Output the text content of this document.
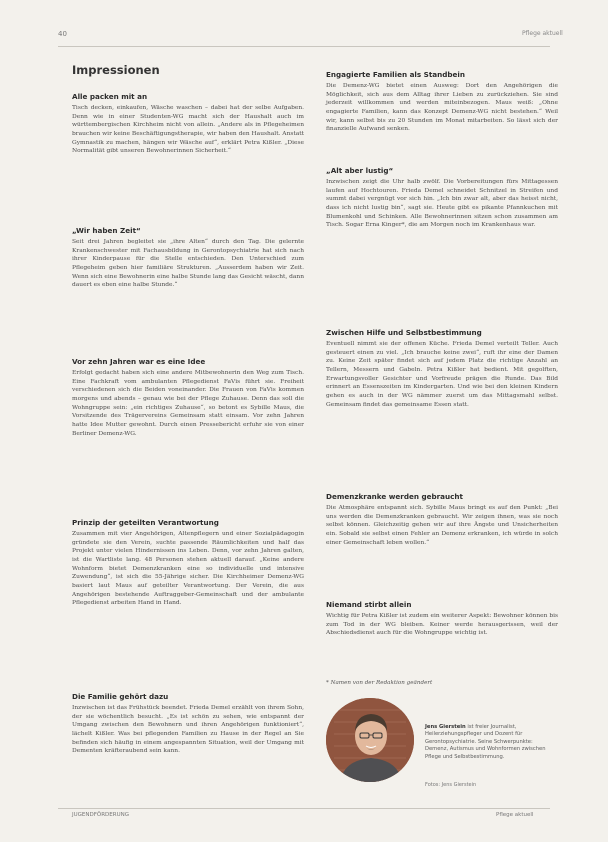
40	Pflege aktuell
Impressionen
Alle packen mit an

Tisch decken, einkaufen, Wäsche waschen – dabei hat der selbe Aufgaben. Denn wie in einer Studenten-WG macht sich der Haushalt auch im württembergischen Kirchheim nicht von allein. „Andere als in Pflegeheimen brauchen wir keine Beschäftigungstherapie, wir haben den Haushalt. Anstatt Gymnastik zu machen, hängen wir Wäsche auf“, erklärt Petra Kißler. „Diese Normalität gibt unseren Bewohnerinnen Sicherheit.“

„Wir haben Zeit“

Seit drei Jahren begleitet sie „ihre Alten“ durch den Tag. Die gelernte Krankenschwester mit Fachausbildung in Gerontopsychiatrie hat sich nach ihrer Kinderpause für die Stelle entschieden. Den Unterschied zum Pflegeheim geben hier familiäre Strukturen. „Ausserdem haben wir Zeit. Wenn sich eine Bewohnerin eine halbe Stunde lang das Gesicht wäscht, dann dauert es eben eine halbe Stunde.“

Vor zehn Jahren war es eine Idee

Erfolgt gedacht haben sich eine andere Mitbewohnerin den Weg zum Tisch. Eine Fachkraft vom ambulanten Pflegedienst FaVis führt sie. Freiheit verschiedenen sich die Beiden voneinander. Die Frauen von FaVis kommen morgens und abends – genau wie bei der Pflege Zuhause. Denn das soll die Wohngruppe sein: „ein richtiges Zuhause“, so betont es Sybille Maus, die Vorsitzende des Trägervereins Gemeinsam statt einsam. Vor zehn Jahren hatte Idee Mutter gewohnt. Durch einen Pressebericht erfuhr sie von einer Berliner Demenz-WG.

Prinzip der geteilten Verantwortung

Zusammen mit vier Angehörigen, Altenpflegern und einer Sozialpädagogin gründete sie den Verein, suchte passende Räumlichkeiten und half das Projekt unter vielen Hindernissen ins Leben. Denn, vor zehn Jahren galten, ist die Wartliste lang. 48 Personen stehen aktuell darauf. „Keine andere Wohnform bietet Demenzkranken eine so individuelle und intensive Zuwendung“, ist sich die 55-Jährige sicher. Die Kirchheimer Demenz-WG basiert laut Maus auf geteilter Verantwortung. Der Verein, die aus Angehörigen bestehende Auftraggeber-Gemeinschaft und der ambulante Pflegedienst arbeiten Hand in Hand.

Die Familie gehört dazu

Inzwischen ist das Frühstück beendet. Frieda Demel erzählt von ihrem Sohn, der sie wöchentlich besucht. „Es ist schön zu sehen, wie entspannt der Umgang zwischen den Bewohnern und ihren Angehörigen funktioniert“, lächelt Kißler. Was bei pflegenden Familien zu Hause in der Regel an Sie befinden sich häufig in einem angespannten Situation, weil der Umgang mit Dementen kräfteraubend sein kann.

Engagierte Familien als Standbein

Die Demenz-WG bietet einen Ausweg: Dort den Angehörigen die Möglichkeit, sich aus dem Alltag ihrer Lieben zu zurückziehen. Sie sind jederzeit willkommen und werden miteinbezogen. Maus weiß: „Ohne engagierte Familien, kann das Konzept Demenz-WG nicht bestehen.“ Weil wir, kann selbst bis zu 20 Stunden im Monat mitarbeiten. So lässt sich der finanzielle Aufwand senken.

„Alt aber lustig“

Inzwischen zeigt die Uhr halb zwölf. Die Vorbereitungen fürs Mittagessen laufen auf Hochtouren. Frieda Demel schneidet Schnitzel in Streifen und summt dabei vergnügt vor sich hin. „Ich bin zwar alt, aber das heisst nicht, dass ich nicht lustig bin“, sagt sie. Heute gibt es pikante Pfannkuchen mit Blumenkohl und Schinken. Alle Bewohnerinnen sitzen schon zusammen am Tisch. Sogar Erna Kinger*, die am Morgen noch im Krankenhaus war.

Zwischen Hilfe und Selbstbestimmung

Eventuell nimmt sie der offenen Küche. Frieda Demel verteilt Teller. Auch gesteuert einen zu viel. „Ich brauche keine zwei“, ruft ihr eine der Damen zu. Keine Zeit später findet sich auf jedem Platz die richtige Anzahl an Tellern, Messern und Gabeln. Petra Kißler hat bedient. Mit gegolften, Erwartungsvoller Gesichter und Vorfreude prägen die Runde. Das Bild erinnert an Essenszeiten im Kindergarten. Und wie bei den kleinen Kindern gehen es auch in der WG nämmer zuerst um das Mittagsmahl selbst. Gemeinsam findet das gemeinsame Essen statt.

Demenzkranke werden gebraucht

Die Atmosphäre entspannt sich. Sybille Maus bringt es auf den Punkt: „Bei uns werden die Demenzkranken gebraucht. Wir zeigen ihnen, was sie noch selbst können. Gleichzeitig gehen wir auf ihre Ängste und Unsicherheiten ein. Sobald sie selbst einen Fehler an Demenz erkranken, ich würde in solch einer Gemeinschaft leben wollen.“

Niemand stirbt allein

Wichtig für Petra Kißler ist zudem ein weiterer Aspekt: Bewohner können bis zum Tod in der WG bleiben. Keiner werde herausgerissen, weil der Abschiedsdienst auch für die Wohngruppe wichtig ist.

* Namen von der Redaktion geändert
Jens Gierstein ist freier Journalist, Heilerziehungspfleger und Dozent für Gerontopsychiatrie. Seine Schwerpunkte: Demenz, Autismus und Wohnformen zwischen Pflege und Selbstbestimmung.
Fotos: Jens Gierstein
JUGENDFÖRDERUNG	Pflege aktuell
